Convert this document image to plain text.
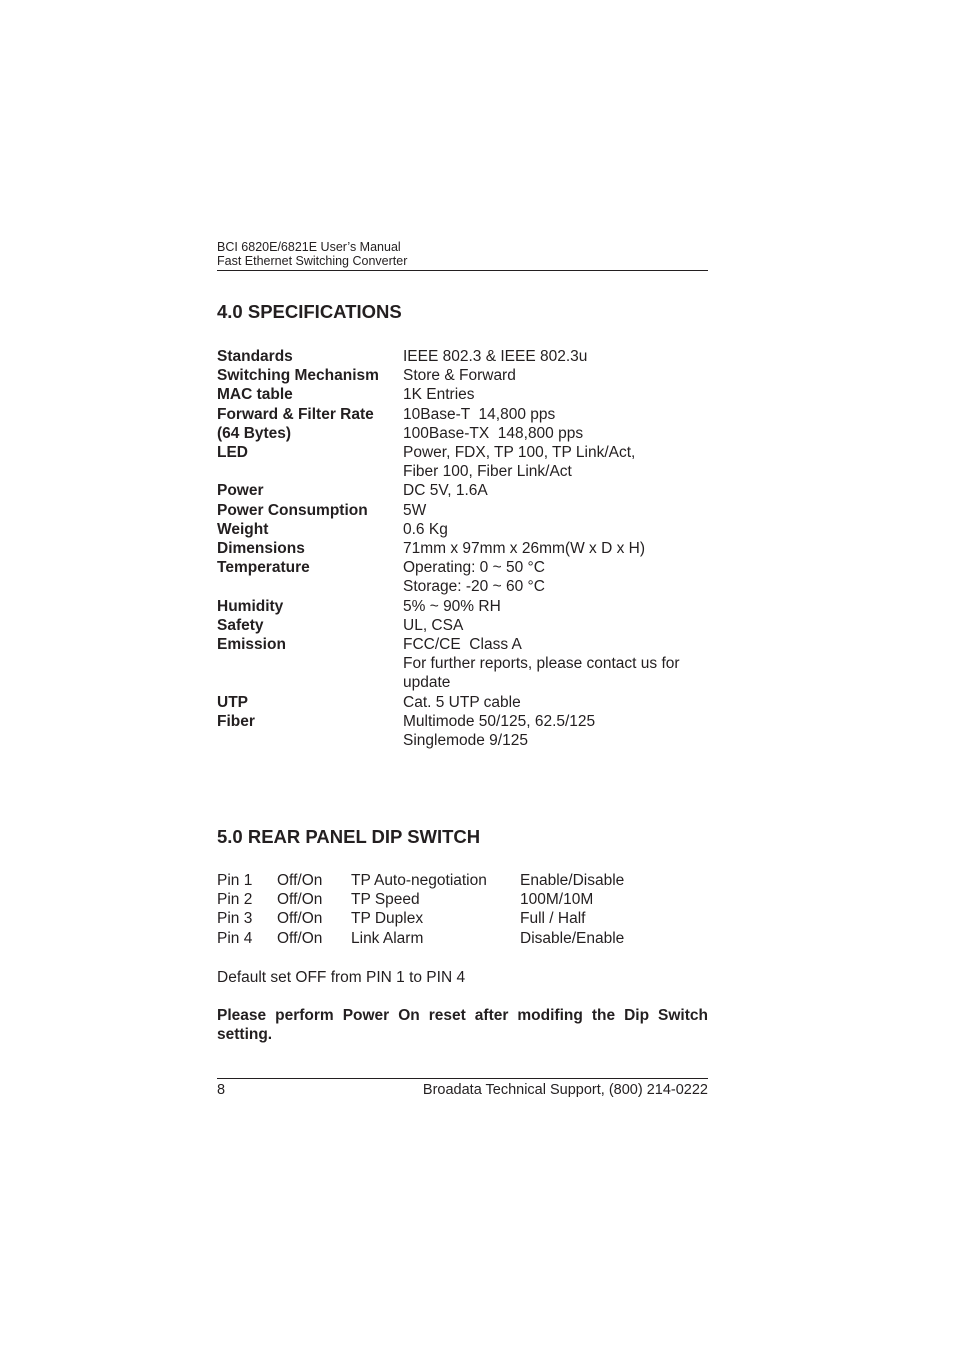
BCI 6820E/6821E User’s Manual
Fast Ethernet Switching Converter
4.0 SPECIFICATIONS
Standards	IEEE 802.3 & IEEE 802.3u
Switching Mechanism	Store & Forward
MAC table	1K Entries
Forward & Filter Rate	10Base-T  14,800 pps
(64 Bytes)	100Base-TX  148,800 pps
LED	Power, FDX, TP 100, TP Link/Act,
Fiber 100, Fiber Link/Act
Power	DC 5V, 1.6A
Power Consumption	5W
Weight	0.6 Kg
Dimensions	71mm x 97mm x 26mm(W x D x H)
Temperature	Operating: 0 ~ 50 °C
Storage: -20 ~ 60 °C
Humidity	5% ~ 90% RH
Safety	UL, CSA
Emission	FCC/CE  Class A
For further reports, please contact us for
update
UTP	Cat. 5 UTP cable
Fiber	Multimode 50/125, 62.5/125
Singlemode 9/125
5.0 REAR PANEL DIP SWITCH
Pin 1	Off/On	TP Auto-negotiation	Enable/Disable
Pin 2	Off/On	TP Speed	100M/10M
Pin 3	Off/On	TP Duplex	Full / Half
Pin 4	Off/On	Link Alarm	Disable/Enable
Default set OFF from PIN 1 to PIN 4
Please perform Power On reset after modifing the Dip Switch setting.
8	Broadata Technical Support, (800) 214-0222
